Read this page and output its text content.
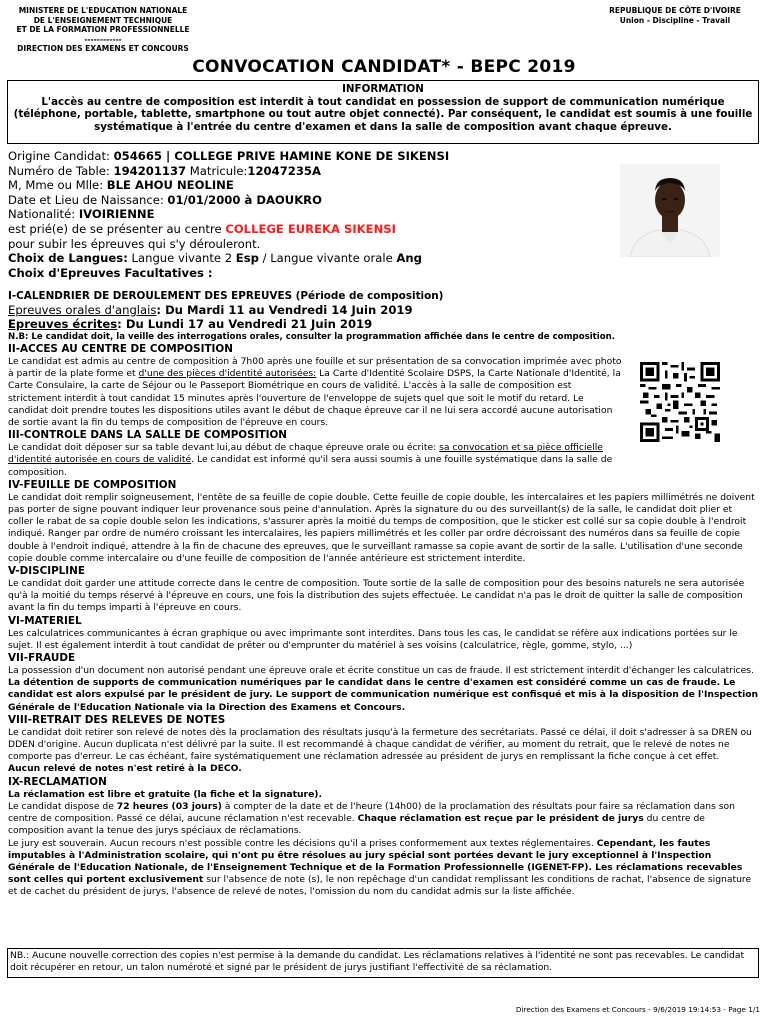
MINISTERE DE L'EDUCATION NATIONALE
DE L'ENSEIGNEMENT TECHNIQUE
ET DE LA FORMATION PROFESSIONNELLE
------------
DIRECTION DES EXAMENS ET CONCOURS
REPUBLIQUE DE CÔTE D'IVOIRE
Union - Discipline - Travail
CONVOCATION CANDIDAT* - BEPC 2019
INFORMATION
L'accès au centre de composition est interdit à tout candidat en possession de support de communication numérique (téléphone, portable, tablette, smartphone ou tout autre objet connecté). Par conséquent, le candidat est soumis à une fouille systématique à l'entrée du centre d'examen et dans la salle de composition avant chaque épreuve.
Origine Candidat: 054665 | COLLEGE PRIVE HAMINE KONE DE SIKENSI
Numéro de Table: 194201137 Matricule:12047235A
M, Mme ou Mlle: BLE AHOU NEOLINE
Date et Lieu de Naissance: 01/01/2000 à DAOUKRO
Nationalité: IVOIRIENNE
est prié(e) de se présenter au centre COLLEGE EUREKA SIKENSI
pour subir les épreuves qui s'y dérouleront.
Choix de Langues: Langue vivante 2 Esp / Langue vivante orale Ang
Choix d'Epreuves Facultatives :
I-CALENDRIER DE DEROULEMENT DES EPREUVES (Période de composition)
Epreuves orales d'anglais: Du Mardi 11 au Vendredi 14 Juin 2019
Epreuves écrites: Du Lundi 17 au Vendredi 21 Juin 2019
N.B: Le candidat doit, la veille des interrogations orales, consulter la programmation affichée dans le centre de composition.
II-ACCES AU CENTRE DE COMPOSITION

Le candidat est admis au centre de composition à 7h00 après une fouille et sur présentation de sa convocation imprimée avec photo à partir de la plate forme et d'une des pièces d'identité autorisées: La Carte d'Identité Scolaire DSPS, la Carte Nationale d'Identité, la Carte Consulaire, la carte de Séjour ou le Passeport Biométrique en cours de validité. L'accès à la salle de composition est strictement interdit à tout candidat 15 minutes après l'ouverture de l'enveloppe de sujets quel que soit le motif du retard. Le candidat doit prendre toutes les dispositions utiles avant le début de chaque épreuve car il ne lui sera accordé aucune autorisation de sortie avant la fin du temps de composition de l'épreuve en cours.

III-CONTROLE DANS LA SALLE DE COMPOSITION

Le candidat doit déposer sur sa table devant lui,au début de chaque épreuve orale ou écrite: sa convocation et sa pièce officielle d'identité autorisée en cours de validité. Le candidat est informé qu'il sera aussi soumis à une fouille systématique dans la salle de composition.

IV-FEUILLE DE COMPOSITION

Le candidat doit remplir soigneusement, l'entête de sa feuille de copie double. Cette feuille de copie double, les intercalaires et les papiers millimétrés ne doivent pas porter de signe pouvant indiquer leur provenance sous peine d'annulation. Après la signature du ou des surveillant(s) de la salle, le candidat doit plier et coller le rabat de sa copie double selon les indications, s'assurer après la moitié du temps de composition, que le sticker est collé sur sa copie double à l'endroit indiqué. Ranger par ordre de numéro croissant les intercalaires, les papiers millimétrés et les coller par ordre décroissant des numéros dans sa feuille de copie double à l'endroit indiqué, attendre à la fin de chacune des epreuves, que le surveillant ramasse sa copie avant de sortir de la salle. L'utilisation d'une seconde copie double comme intercalaire ou d'une feuille de composition de l'année antérieure est strictement interdite.

V-DISCIPLINE

Le candidat doit garder une attitude correcte dans le centre de composition. Toute sortie de la salle de composition pour des besoins naturels ne sera autorisée qu'à la moitié du temps réservé à l'épreuve en cours, une fois la distribution des sujets effectuée. Le candidat n'a pas le droit de quitter la salle de composition avant la fin du temps imparti à l'épreuve en cours.

VI-MATERIEL

Les calculatrices communicantes à écran graphique ou avec imprimante sont interdites. Dans tous les cas, le candidat se réfère aux indications portées sur le sujet. Il est également interdit à tout candidat de prêter ou d'emprunter du matériel à ses voisins (calculatrice, règle, gomme, stylo, ...)

VII-FRAUDE

La possession d'un document non autorisé pendant une épreuve orale et écrite constitue un cas de fraude. Il est strictement interdit d'échanger les calculatrices. La détention de supports de communication numériques par le candidat dans le centre d'examen est considéré comme un cas de fraude. Le candidat est alors expulsé par le président de jury. Le support de communication numérique est confisqué et mis à la disposition de l'Inspection Générale de l'Education Nationale via la Direction des Examens et Concours.

VIII-RETRAIT DES RELEVES DE NOTES

Le candidat doit retirer son relevé de notes dès la proclamation des résultats jusqu'à la fermeture des secrétariats. Passé ce délai, il doit s'adresser à sa DREN ou DDEN d'origine. Aucun duplicata n'est délivré par la suite. Il est recommandé à chaque candidat de vérifier, au moment du retrait, que le relevé de notes ne comporte pas d'erreur. Le cas échéant, faire systématiquement une réclamation adressée au président de jurys en remplissant la fiche conçue à cet effet.

Aucun relevé de notes n'est retiré à la DECO.

IX-RECLAMATION

La réclamation est libre et gratuite (la fiche et la signature).

Le candidat dispose de 72 heures (03 jours) à compter de la date et de l'heure (14h00) de la proclamation des résultats pour faire sa réclamation dans son centre de composition. Passé ce délai, aucune réclamation n'est recevable. Chaque réclamation est reçue par le président de jurys du centre de composition avant la tenue des jurys spéciaux de réclamations.

Le jury est souverain. Aucun recours n'est possible contre les décisions qu'il a prises conformement aux textes réglementaires. Cependant, les fautes imputables à l'Administration scolaire, qui n'ont pu être résolues au jury spécial sont portées devant le jury exceptionnel à l'Inspection Générale de l'Education Nationale, de l'Enseignement Technique et de la Formation Professionnelle (IGENET-FP). Les réclamations recevables sont celles qui portent exclusivement sur l'absence de note (s), le non repêchage d'un candidat remplissant les conditions de rachat, l'absence de signature et de cachet du président de jurys, l'absence de relevé de notes, l'omission du nom du candidat admis sur la liste affichée.

NB.: Aucune nouvelle correction des copies n'est permise à la demande du candidat. Les réclamations relatives à l'identité ne sont pas recevables. Le candidat doit récupérer en retour, un talon numéroté et signé par le président de jurys justifiant l'effectivité de sa réclamation.
Direction des Examens et Concours - 9/6/2019 19:14:53 - Page 1/1
